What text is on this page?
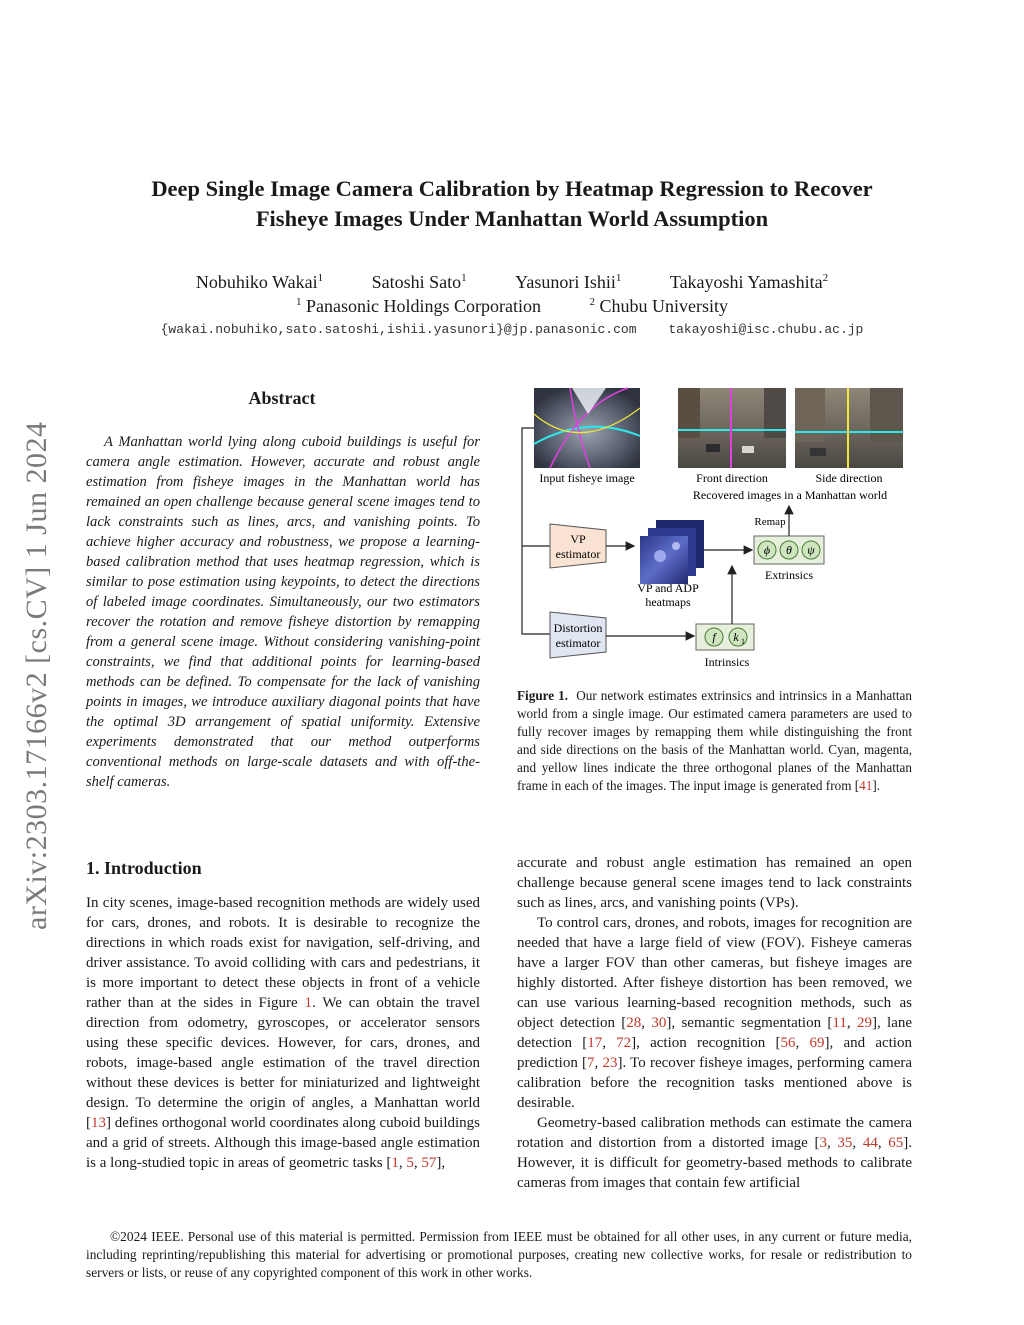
arXiv:2303.17166v2 [cs.CV] 1 Jun 2024
Deep Single Image Camera Calibration by Heatmap Regression to Recover
Fisheye Images Under Manhattan World Assumption
Nobuhiko Wakai$^1$	Satoshi Sato$^1$	Yasunori Ishii$^1$	Takayoshi Yamashita$^2$
$^1$ Panasonic Holdings Corporation	$^2$ Chubu University
{wakai.nobuhiko,sato.satoshi,ishii.yasunori}@jp.panasonic.com takayoshi@isc.chubu.ac.jp
Abstract

A Manhattan world lying along cuboid buildings is useful for camera angle estimation. However, accurate and robust angle estimation from fisheye images in the Manhattan world has remained an open challenge because general scene images tend to lack constraints such as lines, arcs, and vanishing points. To achieve higher accuracy and robustness, we propose a learning-based calibration method that uses heatmap regression, which is similar to pose estimation using keypoints, to detect the directions of labeled image coordinates. Simultaneously, our two estimators recover the rotation and remove fisheye distortion by remapping from a general scene image. Without considering vanishing-point constraints, we find that additional points for learning-based methods can be defined. To compensate for the lack of vanishing points in images, we introduce auxiliary diagonal points that have the optimal 3D arrangement of spatial uniformity. Extensive experiments demonstrated that our method outperforms conventional methods on large-scale datasets and with off-the-shelf cameras.

Input fisheye image	Front direction	Side direction
Recovered images in a Manhattan world
VP
estimator
VP and ADP
heatmaps
ϕ θ ψ
Extrinsics
Remap
Distortion
estimator	f k 1
Intrinsics
Figure 1. Our network estimates extrinsics and intrinsics in a Manhattan world from a single image. Our estimated camera parameters are used to fully recover images by remapping them while distinguishing the front and side directions on the basis of the Manhattan world. Cyan, magenta, and yellow lines indicate the three orthogonal planes of the Manhattan frame in each of the images. The input image is generated from [41].
1. Introduction

In city scenes, image-based recognition methods are widely used for cars, drones, and robots. It is desirable to recognize the directions in which roads exist for navigation, self-driving, and driver assistance. To avoid colliding with cars and pedestrians, it is more important to detect these objects in front of a vehicle rather than at the sides in Figure 1. We can obtain the travel direction from odometry, gyroscopes, or accelerator sensors using these specific devices. However, for cars, drones, and robots, image-based angle estimation of the travel direction without these devices is better for miniaturized and lightweight design. To determine the origin of angles, a Manhattan world [13] defines orthogonal world coordinates along cuboid buildings and a grid of streets. Although this image-based angle estimation is a long-studied topic in areas of geometric tasks [1, 5, 57],

accurate and robust angle estimation has remained an open challenge because general scene images tend to lack constraints such as lines, arcs, and vanishing points (VPs).

To control cars, drones, and robots, images for recognition are needed that have a large field of view (FOV). Fisheye cameras have a larger FOV than other cameras, but fisheye images are highly distorted. After fisheye distortion has been removed, we can use various learning-based recognition methods, such as object detection [28, 30], semantic segmentation [11, 29], lane detection [17, 72], action recognition [56, 69], and action prediction [7, 23]. To recover fisheye images, performing camera calibration before the recognition tasks mentioned above is desirable.

Geometry-based calibration methods can estimate the camera rotation and distortion from a distorted image [3, 35, 44, 65]. However, it is difficult for geometry-based methods to calibrate cameras from images that contain few artificial

©2024 IEEE. Personal use of this material is permitted. Permission from IEEE must be obtained for all other uses, in any current or future media, including reprinting/republishing this material for advertising or promotional purposes, creating new collective works, for resale or redistribution to servers or lists, or reuse of any copyrighted component of this work in other works.
